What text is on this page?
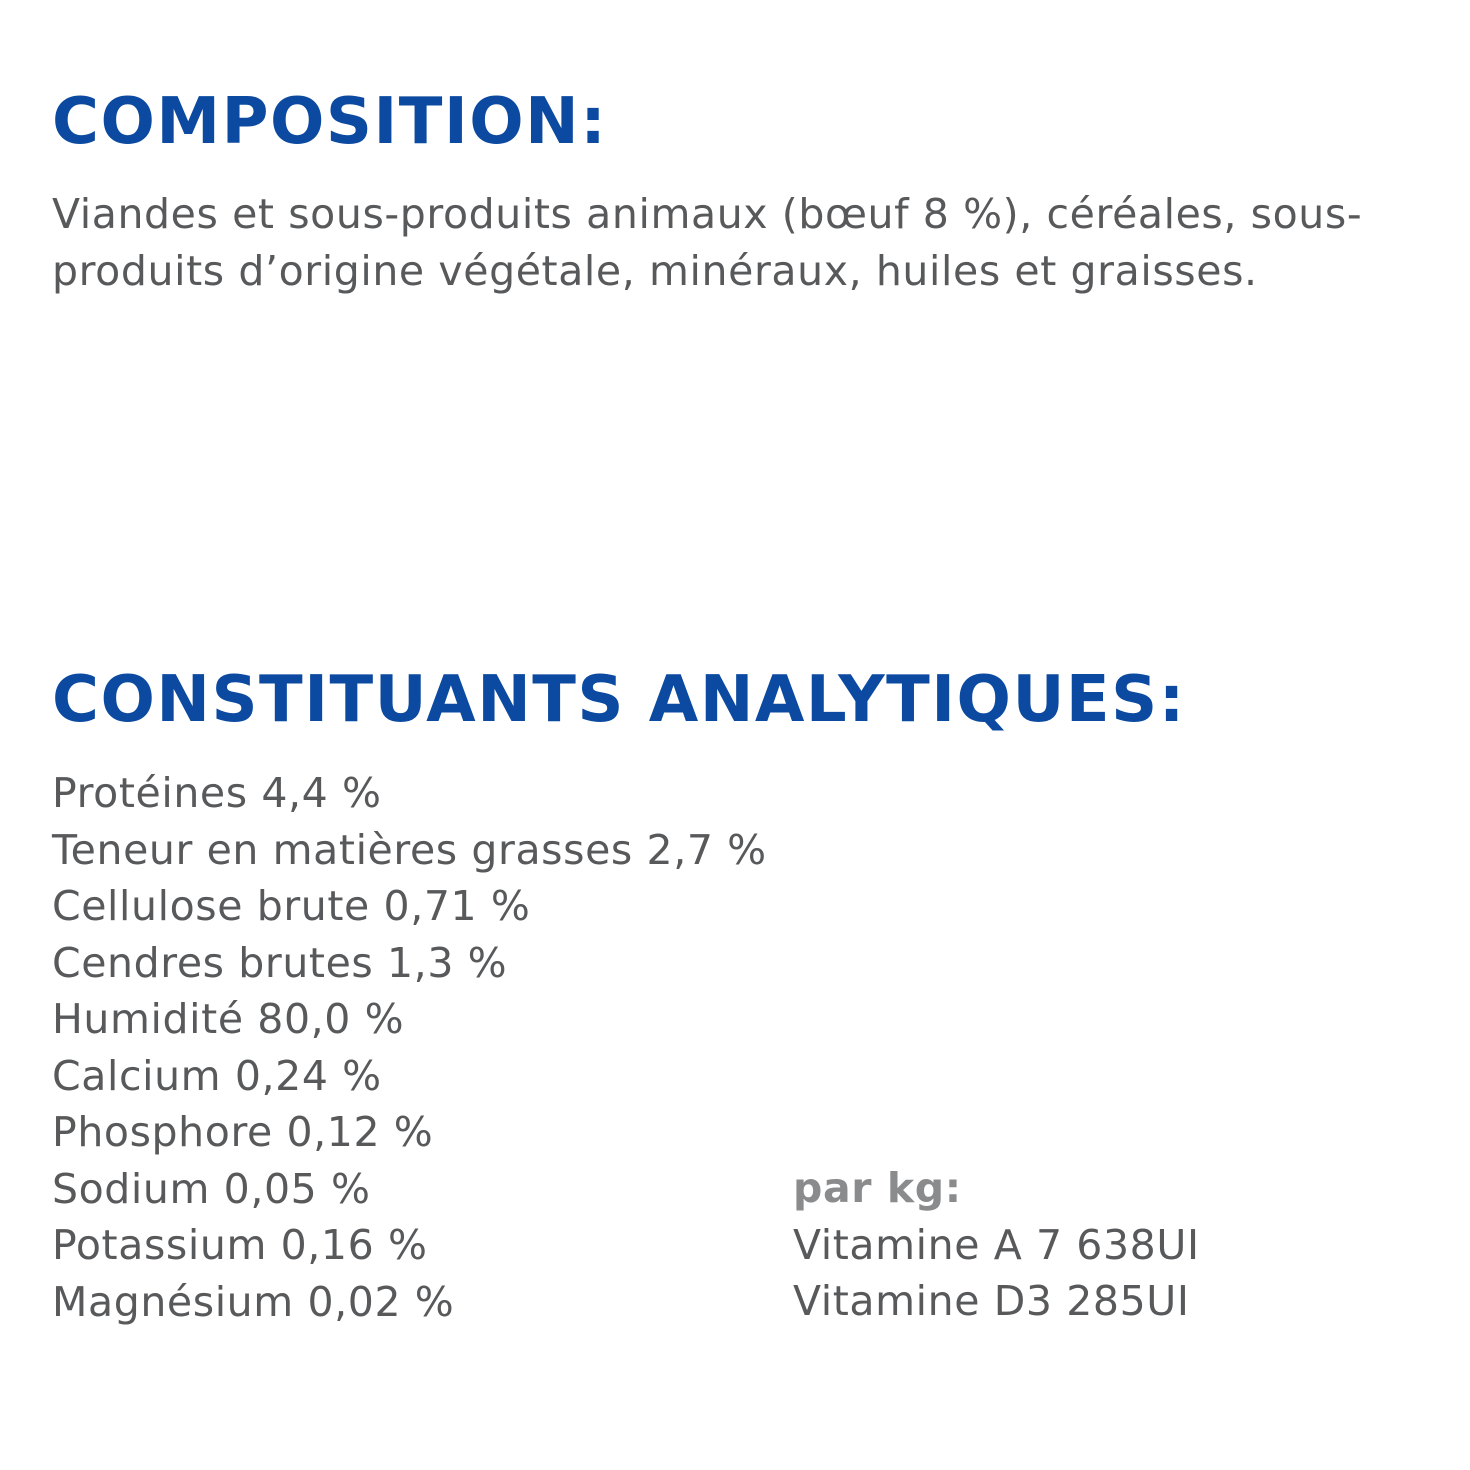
COMPOSITION:

Viandes et sous-produits animaux (bœuf 8 %), céréales, sous-produits d’origine végétale, minéraux, huiles et graisses.

CONSTITUANTS ANALYTIQUES:
Protéines 4,4 %
Teneur en matières grasses 2,7 %
Cellulose brute 0,71 %
Cendres brutes 1,3 %
Humidité 80,0 %
Calcium 0,24 %
Phosphore 0,12 %
Sodium 0,05 %
Potassium 0,16 %
Magnésium 0,02 %
par kg:
Vitamine A 7 638UI
Vitamine D3 285UI
